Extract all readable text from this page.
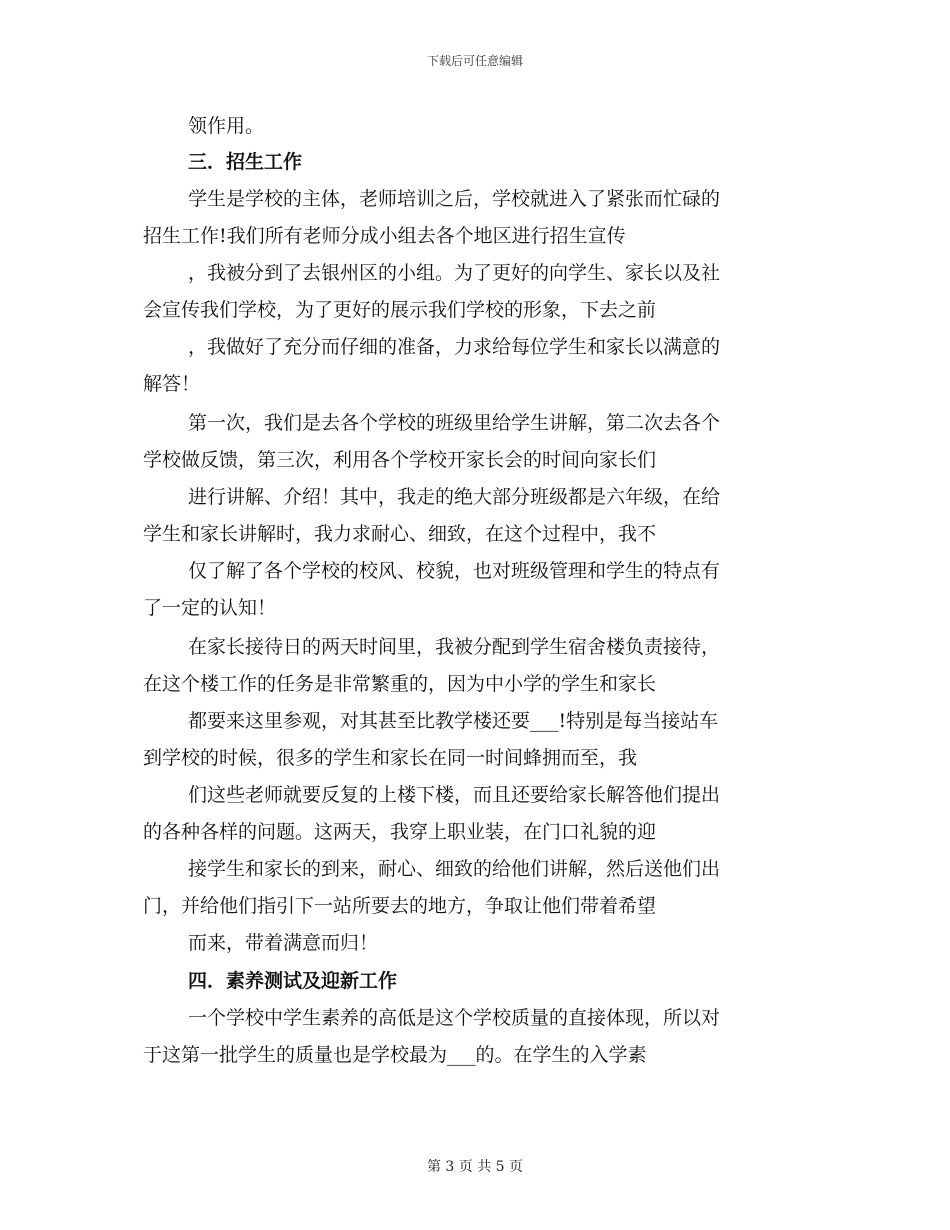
下载后可任意编辑
领作用。
三．招生工作
学生是学校的主体，老师培训之后，学校就进入了紧张而忙碌的
招生工作!我们所有老师分成小组去各个地区进行招生宣传
，我被分到了去银州区的小组。为了更好的向学生、家长以及社
会宣传我们学校，为了更好的展示我们学校的形象，下去之前
，我做好了充分而仔细的准备，力求给每位学生和家长以满意的
解答！
第一次，我们是去各个学校的班级里给学生讲解，第二次去各个
学校做反馈，第三次，利用各个学校开家长会的时间向家长们
进行讲解、介绍！其中，我走的绝大部分班级都是六年级，在给
学生和家长讲解时，我力求耐心、细致，在这个过程中，我不
仅了解了各个学校的校风、校貌，也对班级管理和学生的特点有
了一定的认知！
在家长接待日的两天时间里，我被分配到学生宿舍楼负责接待，
在这个楼工作的任务是非常繁重的，因为中小学的学生和家长
都要来这里参观，对其甚至比教学楼还要___!特别是每当接站车
到学校的时候，很多的学生和家长在同一时间蜂拥而至，我
们这些老师就要反复的上楼下楼，而且还要给家长解答他们提出
的各种各样的问题。这两天，我穿上职业装，在门口礼貌的迎
接学生和家长的到来，耐心、细致的给他们讲解，然后送他们出
门，并给他们指引下一站所要去的地方，争取让他们带着希望
而来，带着满意而归！
四．素养测试及迎新工作
一个学校中学生素养的高低是这个学校质量的直接体现，所以对
于这第一批学生的质量也是学校最为___的。在学生的入学素
第 3 页 共 5 页
